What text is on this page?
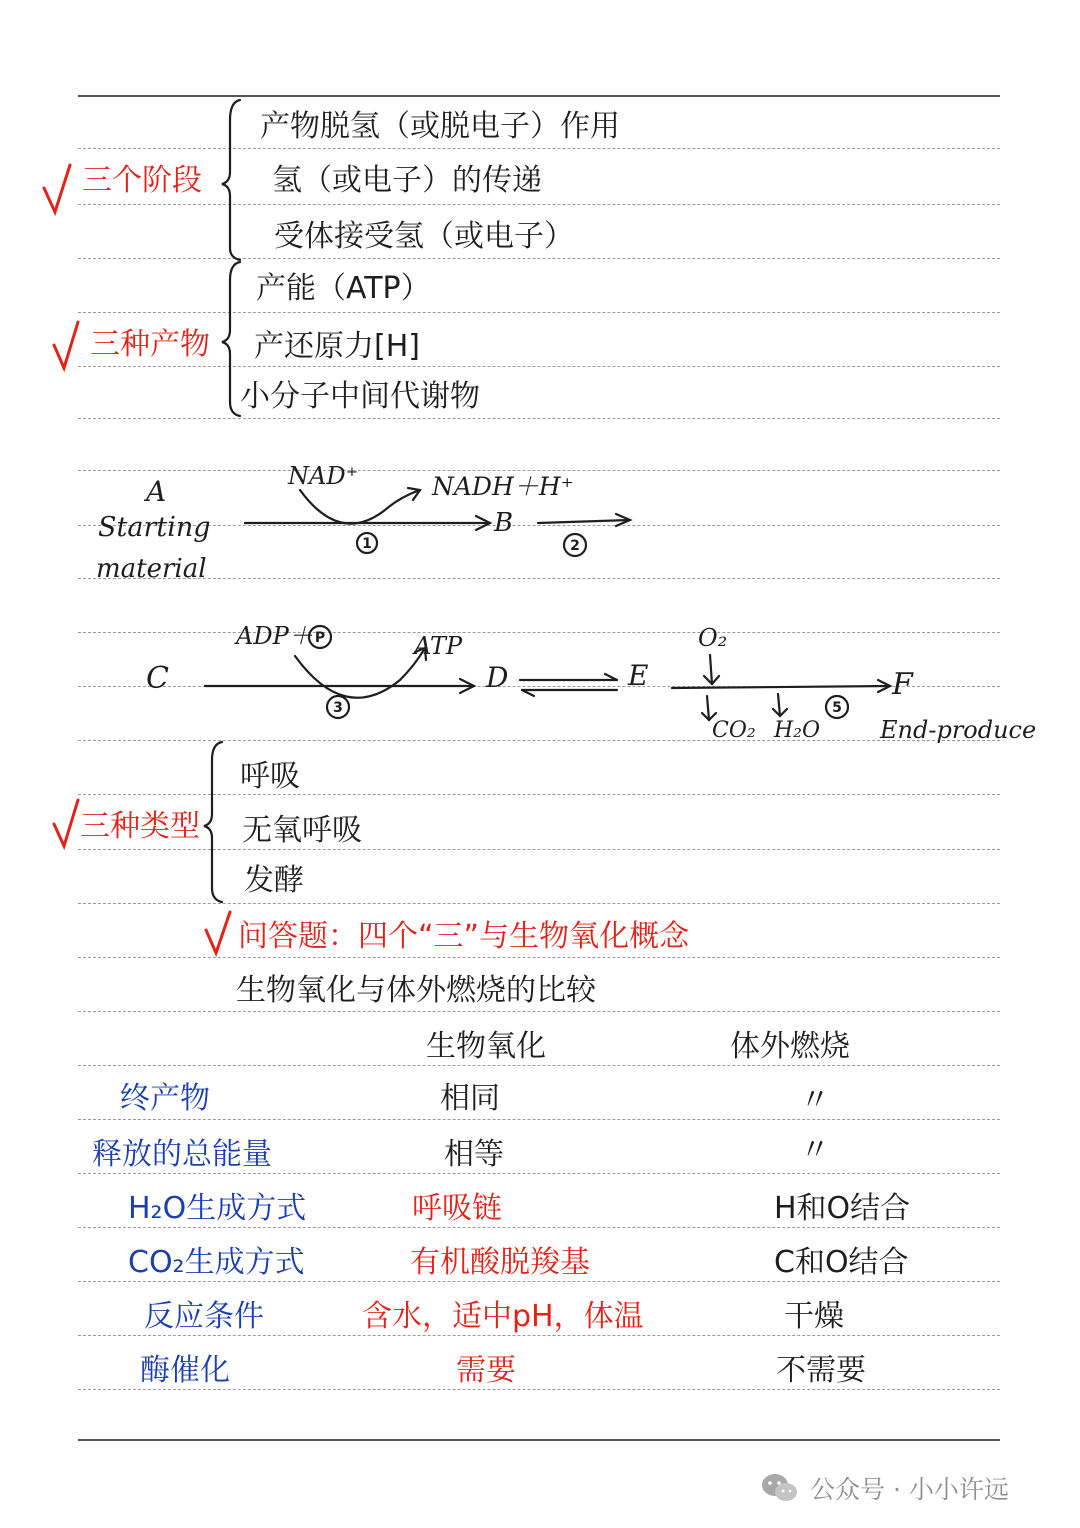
1	2
3
P
5
三个阶段
产物脱氢（或脱电子）作用
氢（或电子）的传递
受体接受氢（或电子）
三种产物
产能（ATP）
产还原力[H]
小分子中间代谢物
A
Starting
material
NAD⁺	NADH＋H⁺
B
C
ADP＋	ATP
D	E
O₂
F
CO₂ H₂O End-produce
三种类型
呼吸
无氧呼吸
发酵
问答题：四个“三”与生物氧化概念
生物氧化与体外燃烧的比较
生物氧化	体外燃烧
终产物	相同	〃
释放的总能量	相等	〃
H₂O生成方式	呼吸链	H和O结合
CO₂生成方式	有机酸脱羧基	C和O结合
反应条件	含水，适中pH，体温	干燥
酶催化	需要	不需要
公众号 · 小小许远
